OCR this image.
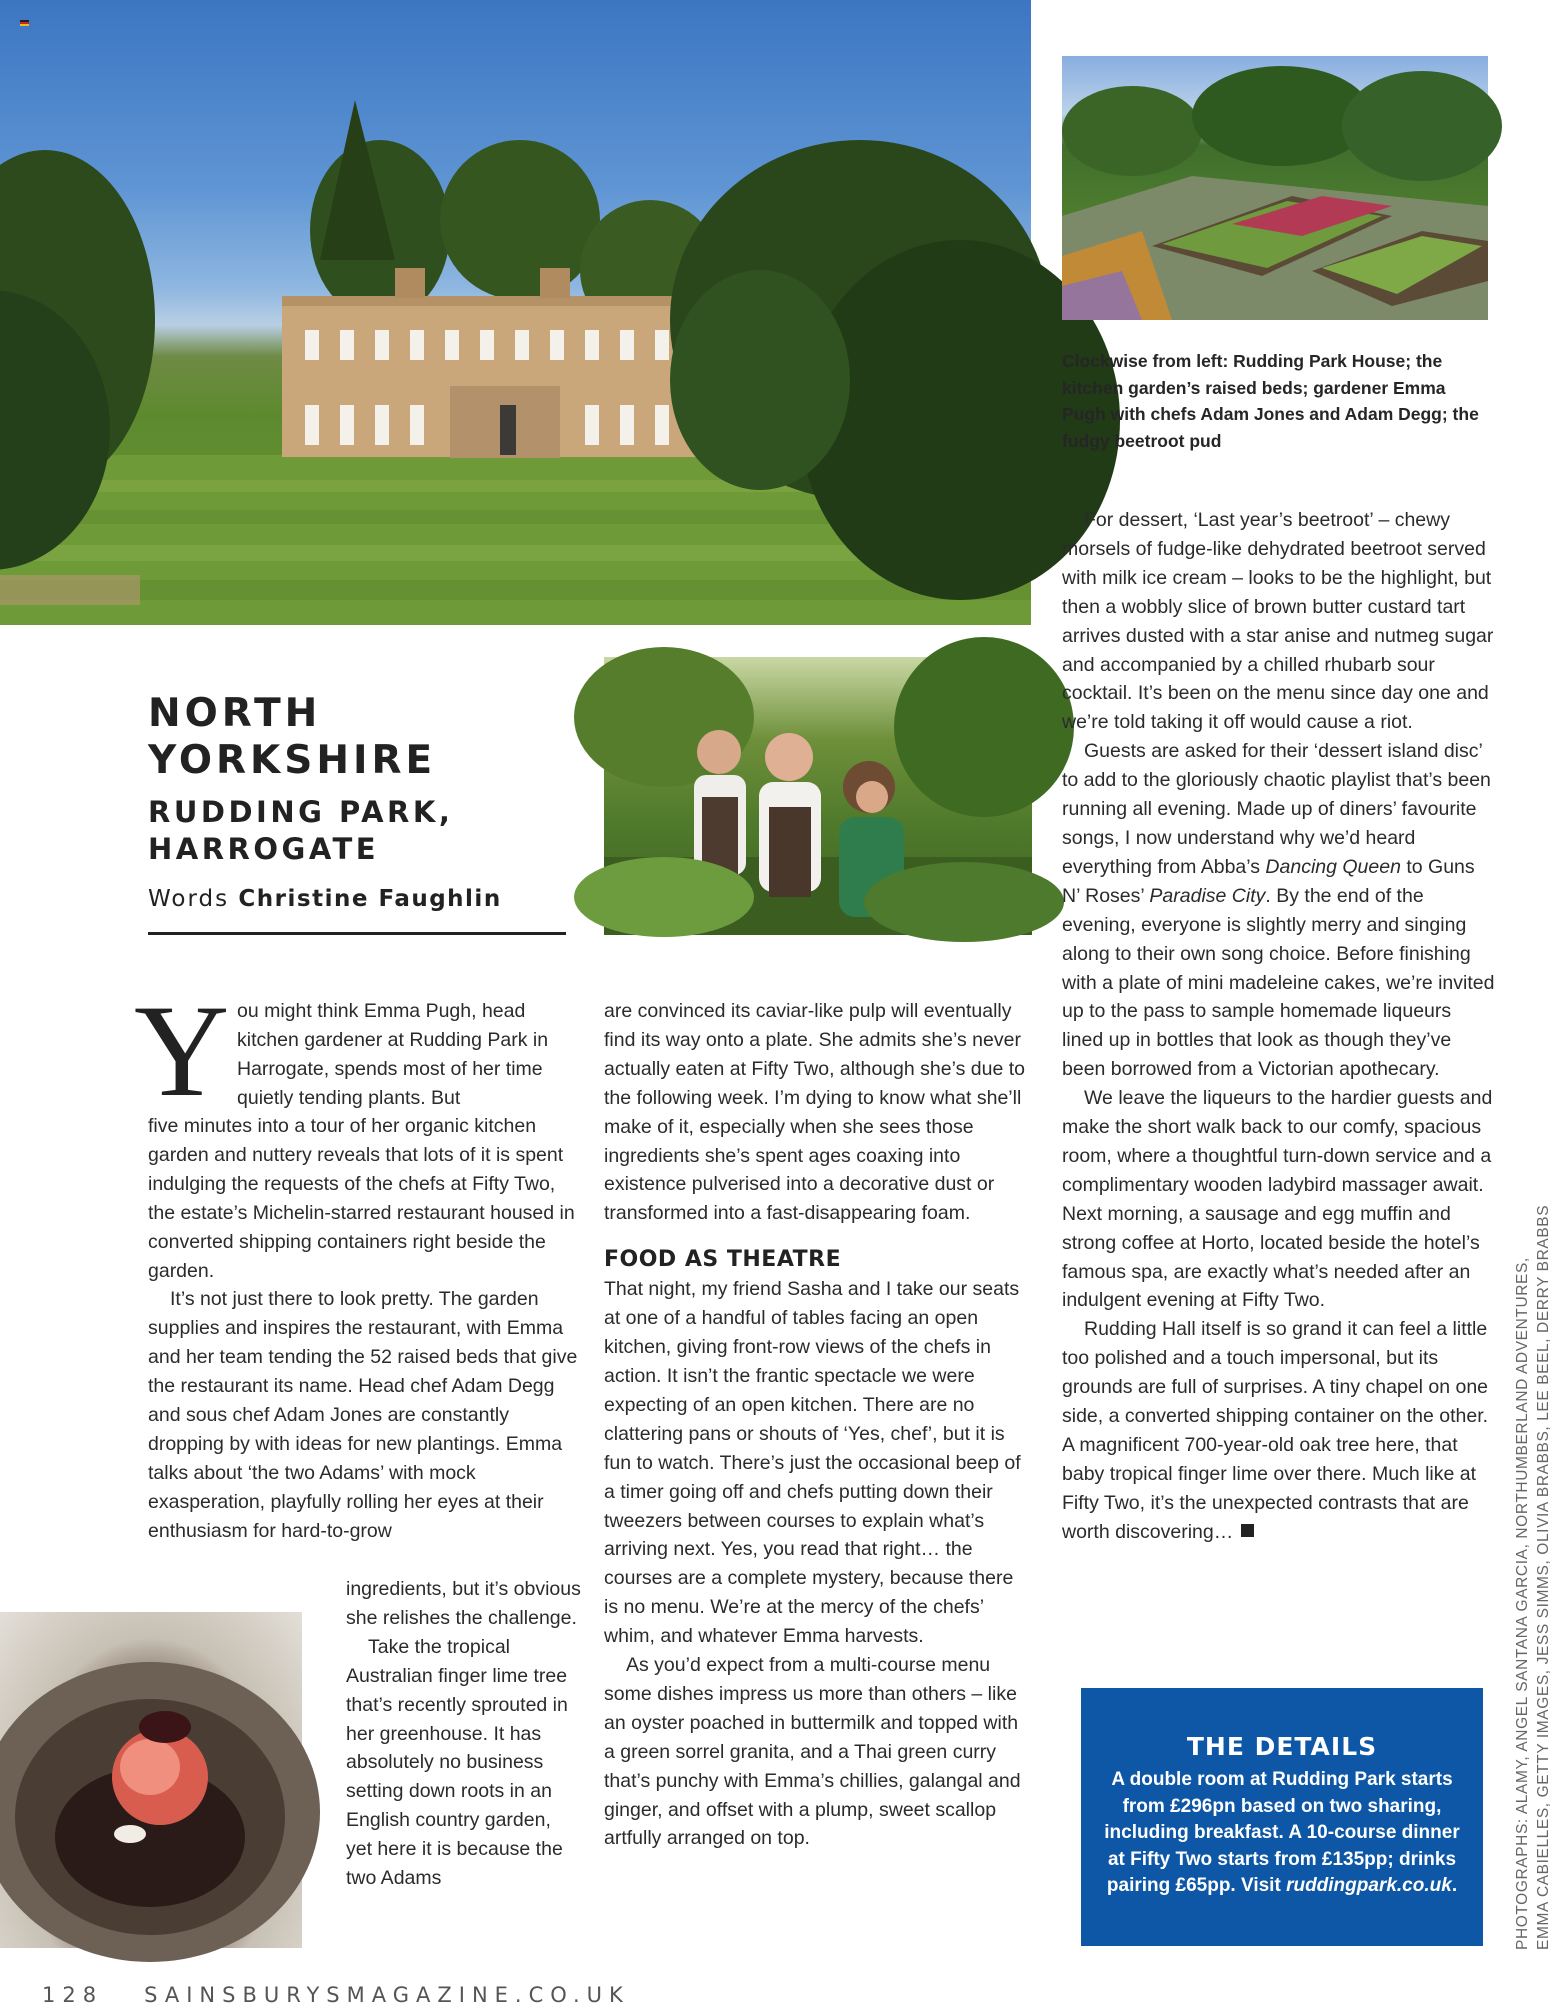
Clockwise from left: Rudding Park House; the kitchen garden’s raised beds; gardener Emma Pugh with chefs Adam Jones and Adam Degg; the fudgy beetroot pud
NORTH YORKSHIRE
RUDDING PARK, HARROGATE
Words Christine Faughlin
Y ou might think Emma Pugh, head kitchen gardener at Rudding Park in Harrogate, spends most of her time quietly tending plants. But

five minutes into a tour of her organic kitchen garden and nuttery reveals that lots of it is spent indulging the requests of the chefs at Fifty Two, the estate’s Michelin-starred restaurant housed in converted shipping containers right beside the garden.

It’s not just there to look pretty. The garden supplies and inspires the restaurant, with Emma and her team tending the 52 raised beds that give the restaurant its name. Head chef Adam Degg and sous chef Adam Jones are constantly dropping by with ideas for new plantings. Emma talks about ‘the two Adams’ with mock exasperation, playfully rolling her eyes at their enthusiasm for hard-to-grow

ingredients, but it’s obvious she relishes the challenge.

Take the tropical Australian finger lime tree that’s recently sprouted in her greenhouse. It has absolutely no business setting down roots in an English country garden, yet here it is because the two Adams

are convinced its caviar-like pulp will eventually find its way onto a plate. She admits she’s never actually eaten at Fifty Two, although she’s due to the following week. I’m dying to know what she’ll make of it, especially when she sees those ingredients she’s spent ages coaxing into existence pulverised into a decorative dust or transformed into a fast-disappearing foam.

FOOD AS THEATRE

That night, my friend Sasha and I take our seats at one of a handful of tables facing an open kitchen, giving front-row views of the chefs in action. It isn’t the frantic spectacle we were expecting of an open kitchen. There are no clattering pans or shouts of ‘Yes, chef’, but it is fun to watch. There’s just the occasional beep of a timer going off and chefs putting down their tweezers between courses to explain what’s arriving next. Yes, you read that right… the courses are a complete mystery, because there is no menu. We’re at the mercy of the chefs’ whim, and whatever Emma harvests.

As you’d expect from a multi-course menu some dishes impress us more than others – like an oyster poached in buttermilk and topped with a green sorrel granita, and a Thai green curry that’s punchy with Emma’s chillies, galangal and ginger, and offset with a plump, sweet scallop artfully arranged on top.

For dessert, ‘Last year’s beetroot’ – chewy morsels of fudge-like dehydrated beetroot served with milk ice cream – looks to be the highlight, but then a wobbly slice of brown butter custard tart arrives dusted with a star anise and nutmeg sugar and accompanied by a chilled rhubarb sour cocktail. It’s been on the menu since day one and we’re told taking it off would cause a riot.

Guests are asked for their ‘dessert island disc’ to add to the gloriously chaotic playlist that’s been running all evening. Made up of diners’ favourite songs, I now understand why we’d heard everything from Abba’s Dancing Queen to Guns N’ Roses’ Paradise City. By the end of the evening, everyone is slightly merry and singing along to their own song choice. Before finishing with a plate of mini madeleine cakes, we’re invited up to the pass to sample homemade liqueurs lined up in bottles that look as though they’ve been borrowed from a Victorian apothecary.

We leave the liqueurs to the hardier guests and make the short walk back to our comfy, spacious room, where a thoughtful turn-down service and a complimentary wooden ladybird massager await. Next morning, a sausage and egg muffin and strong coffee at Horto, located beside the hotel’s famous spa, are exactly what’s needed after an indulgent evening at Fifty Two.

Rudding Hall itself is so grand it can feel a little too polished and a touch impersonal, but its grounds are full of surprises. A tiny chapel on one side, a converted shipping container on the other. A magnificent 700-year-old oak tree here, that baby tropical finger lime over there. Much like at Fifty Two, it’s the unexpected contrasts that are worth discovering…

THE DETAILS
A double room at Rudding Park starts from £296pn based on two sharing, including breakfast. A 10-course dinner at Fifty Two starts from £135pp; drinks pairing £65pp. Visit ruddingpark.co.uk.	PHOTOGRAPHS: ALAMY, ANGEL SANTANA GARCIA, NORTHUMBERLAND ADVENTURES, EMMA CABIELLES, GETTY IMAGES, JESS SIMMS, OLIVIA BRABBS, LEE BEEL, DERRY BRABBS
128 SAINSBURYSMAGAZINE.CO.UK
